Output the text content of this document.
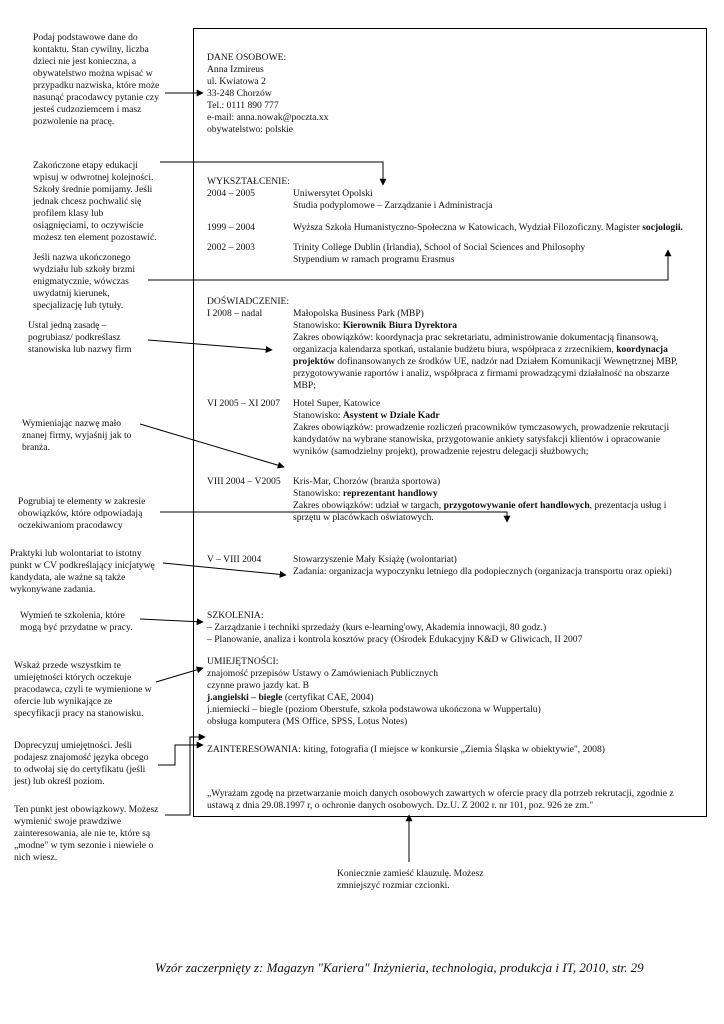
Podaj podstawowe dane do kontaktu. Stan cywilny, liczba dzieci nie jest konieczna, a obywatelstwo można wpisać w przypadku nazwiska, które może nasunąć pracodawcy pytanie czy jesteś cudzoziemcem i masz pozwolenie na pracę.
Zakończone etapy edukacji wpisuj w odwrotnej kolejności. Szkoły średnie pomijamy. Jeśli jednak chcesz pochwalić się profilem klasy lub osiągnięciami, to oczywiście możesz ten element pozostawić.
Jeśli nazwa ukończonego wydziału lub szkoły brzmi enigmatycznie, wówczas uwydatnij kierunek, specjalizację lub tytuły.
Ustal jedną zasadę – pogrubiasz/ podkreślasz stanowiska lub nazwy firm
Wymieniając nazwę mało znanej firmy, wyjaśnij jak to branża.
Pogrubiaj te elementy w zakresie obowiązków, które odpowiadają oczekiwaniom pracodawcy
Praktyki lub wolontariat to istotny punkt w CV podkreślający inicjatywę kandydata, ale ważne są także wykonywane zadania.
Wymień te szkolenia, które mogą być przydatne w pracy.
Wskaż przede wszystkim te umiejętności których oczekuje pracodawca, czyli te wymienione w ofercie lub wynikające ze specyfikacji pracy na stanowisku.
Doprecyzuj umiejętności. Jeśli podajesz znajomość języka obcego to odwołaj się do certyfikatu (jeśli jest) lub określ poziom.
Ten punkt jest obowiązkowy. Możesz wymienić swoje prawdziwe zainteresowania, ale nie te, które są „modne" w tym sezonie i niewiele o nich wiesz.
Koniecznie zamieść klauzulę. Możesz zmniejszyć rozmiar czcionki.
DANE OSOBOWE:
Anna Izmireus
ul. Kwiatowa 2
33-248 Chorzów
Tel.: 0111 890 777
e-mail: anna.nowak@poczta.xx
obywatelstwo: polskie
WYKSZTAŁCENIE:
2004 – 2005	Uniwersytet Opolski
Studia podyplomowe – Zarządzanie i Administracja
1999 – 2004	Wyższa Szkoła Humanistyczno-Społeczna w Katowicach, Wydział Filozoficzny. Magister socjologii.
2002 – 2003	Trinity College Dublin (Irlandia), School of Social Sciences and Philosophy
Stypendium w ramach programu Erasmus
DOŚWIADCZENIE:
I 2008 – nadal	Małopolska Business Park (MBP)
Stanowisko: Kierownik Biura Dyrektora
Zakres obowiązków: koordynacja prac sekretariatu, administrowanie dokumentacją finansową, organizacja kalendarza spotkań, ustalanie budżetu biura, współpraca z zrzecnikiem, koordynacja projektów dofinansowanych ze środków UE, nadzór nad Działem Komunikacji Wewnętrznej MBP, przygotowywanie raportów i analiz, współpraca z firmami prowadzącymi działalność na obszarze MBP;
VI 2005 – XI 2007 Hotel Super, Katowice
Stanowisko: Asystent w Dziale Kadr
Zakres obowiązków: prowadzenie rozliczeń pracowników tymczasowych, prowadzenie rekrutacji kandydatów na wybrane stanowiska, przygotowanie ankiety satysfakcji klientów i opracowanie wyników (samodzielny projekt), prowadzenie rejestru delegacji służbowych;
VIII 2004 – V2005 Kris-Mar, Chorzów (branża sportowa)
Stanowisko: reprezentant handlowy
Zakres obowiązków: udział w targach, przygotowywanie ofert handlowych, prezentacja usług i sprzętu w placówkach oświatowych.
V – VIII 2004	Stowarzyszenie Mały Książę (wolontariat)
Zadania: organizacja wypoczynku letniego dla podopiecznych (organizacja transportu oraz opieki)
SZKOLENIA:
– Zarządzanie i techniki sprzedaży (kurs e-learning'owy, Akademia innowacji, 80 godz.)
– Planowanie, analiza i kontrola kosztów pracy (Ośrodek Edukacyjny K&D w Gliwicach, II 2007
UMIEJĘTNOŚCI:
znajomość przepisów Ustawy o Zamówieniach Publicznych
czynne prawo jazdy kat. B
j.angielski – biegle (certyfikat CAE, 2004)
j.niemiecki – biegle (poziom Oberstufe, szkoła podstawowa ukończona w Wuppertalu)
obsługa komputera (MS Office, SPSS, Lotus Notes)
ZAINTERESOWANIA: kiting, fotografia (I miejsce w konkursie „Ziemia Śląska w obiektywie", 2008)
„Wyrażam zgodę na przetwarzanie moich danych osobowych zawartych w ofercie pracy dla potrzeb rekrutacji, zgodnie z ustawą z dnia 29.08.1997 r, o ochronie danych osobowych. Dz.U. Z 2002 r. nr 101, poz. 926 ze zm."
Wzór zaczerpnięty z: Magazyn "Kariera" Inżynieria, technologia, produkcja i IT, 2010, str. 29
